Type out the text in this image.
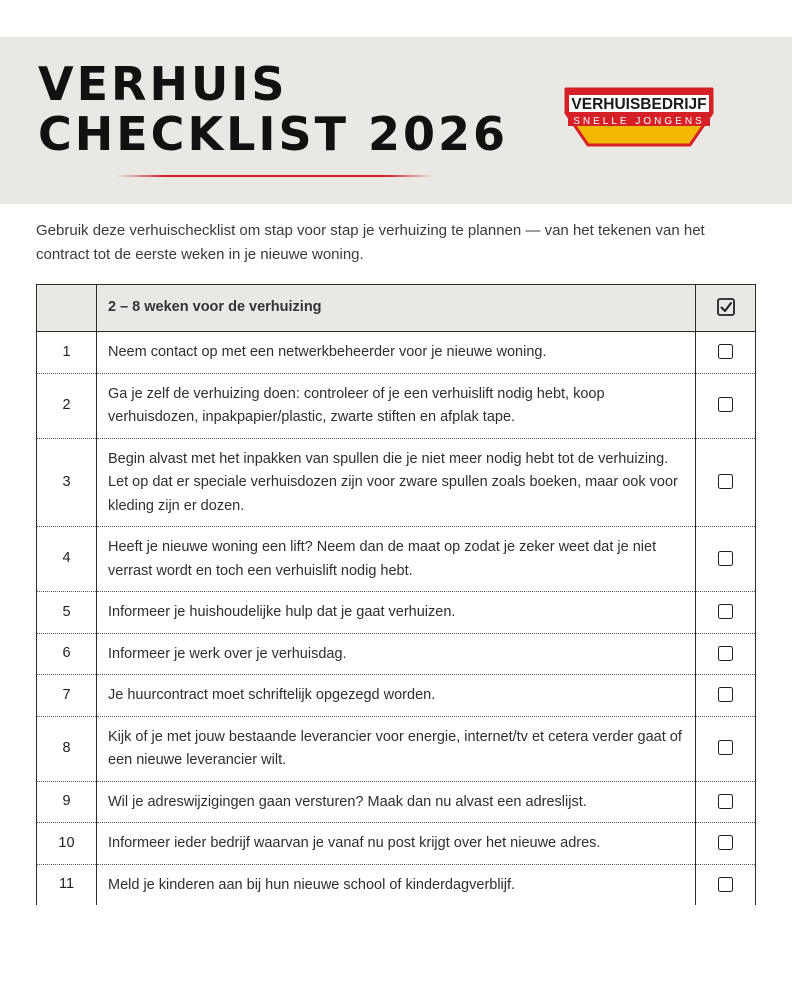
VERHUIS
CHECKLIST 2026
VERHUISBEDRIJF
SNELLE JONGENS

Gebruik deze verhuischecklist om stap voor stap je verhuizing te plannen — van het tekenen van het contract tot de eerste weken in je nieuwe woning.

	2 – 8 weken voor de verhuizing	
1	Neem contact op met een netwerkbeheerder voor je nieuwe woning.	
2	Ga je zelf de verhuizing doen: controleer of je een verhuislift nodig hebt, koop verhuisdozen, inpakpapier/plastic, zwarte stiften en afplak tape.	
3	Begin alvast met het inpakken van spullen die je niet meer nodig hebt tot de verhuizing. Let op dat er speciale verhuisdozen zijn voor zware spullen zoals boeken, maar ook voor kleding zijn er dozen.	
4	Heeft je nieuwe woning een lift? Neem dan de maat op zodat je zeker weet dat je niet verrast wordt en toch een verhuislift nodig hebt.	
5	Informeer je huishoudelijke hulp dat je gaat verhuizen.	
6	Informeer je werk over je verhuisdag.	
7	Je huurcontract moet schriftelijk opgezegd worden.	
8	Kijk of je met jouw bestaande leverancier voor energie, internet/tv et cetera verder gaat of een nieuwe leverancier wilt.	
9	Wil je adreswijzigingen gaan versturen? Maak dan nu alvast een adreslijst.	
10	Informeer ieder bedrijf waarvan je vanaf nu post krijgt over het nieuwe adres.	
11	Meld je kinderen aan bij hun nieuwe school of kinderdagverblijf.	
